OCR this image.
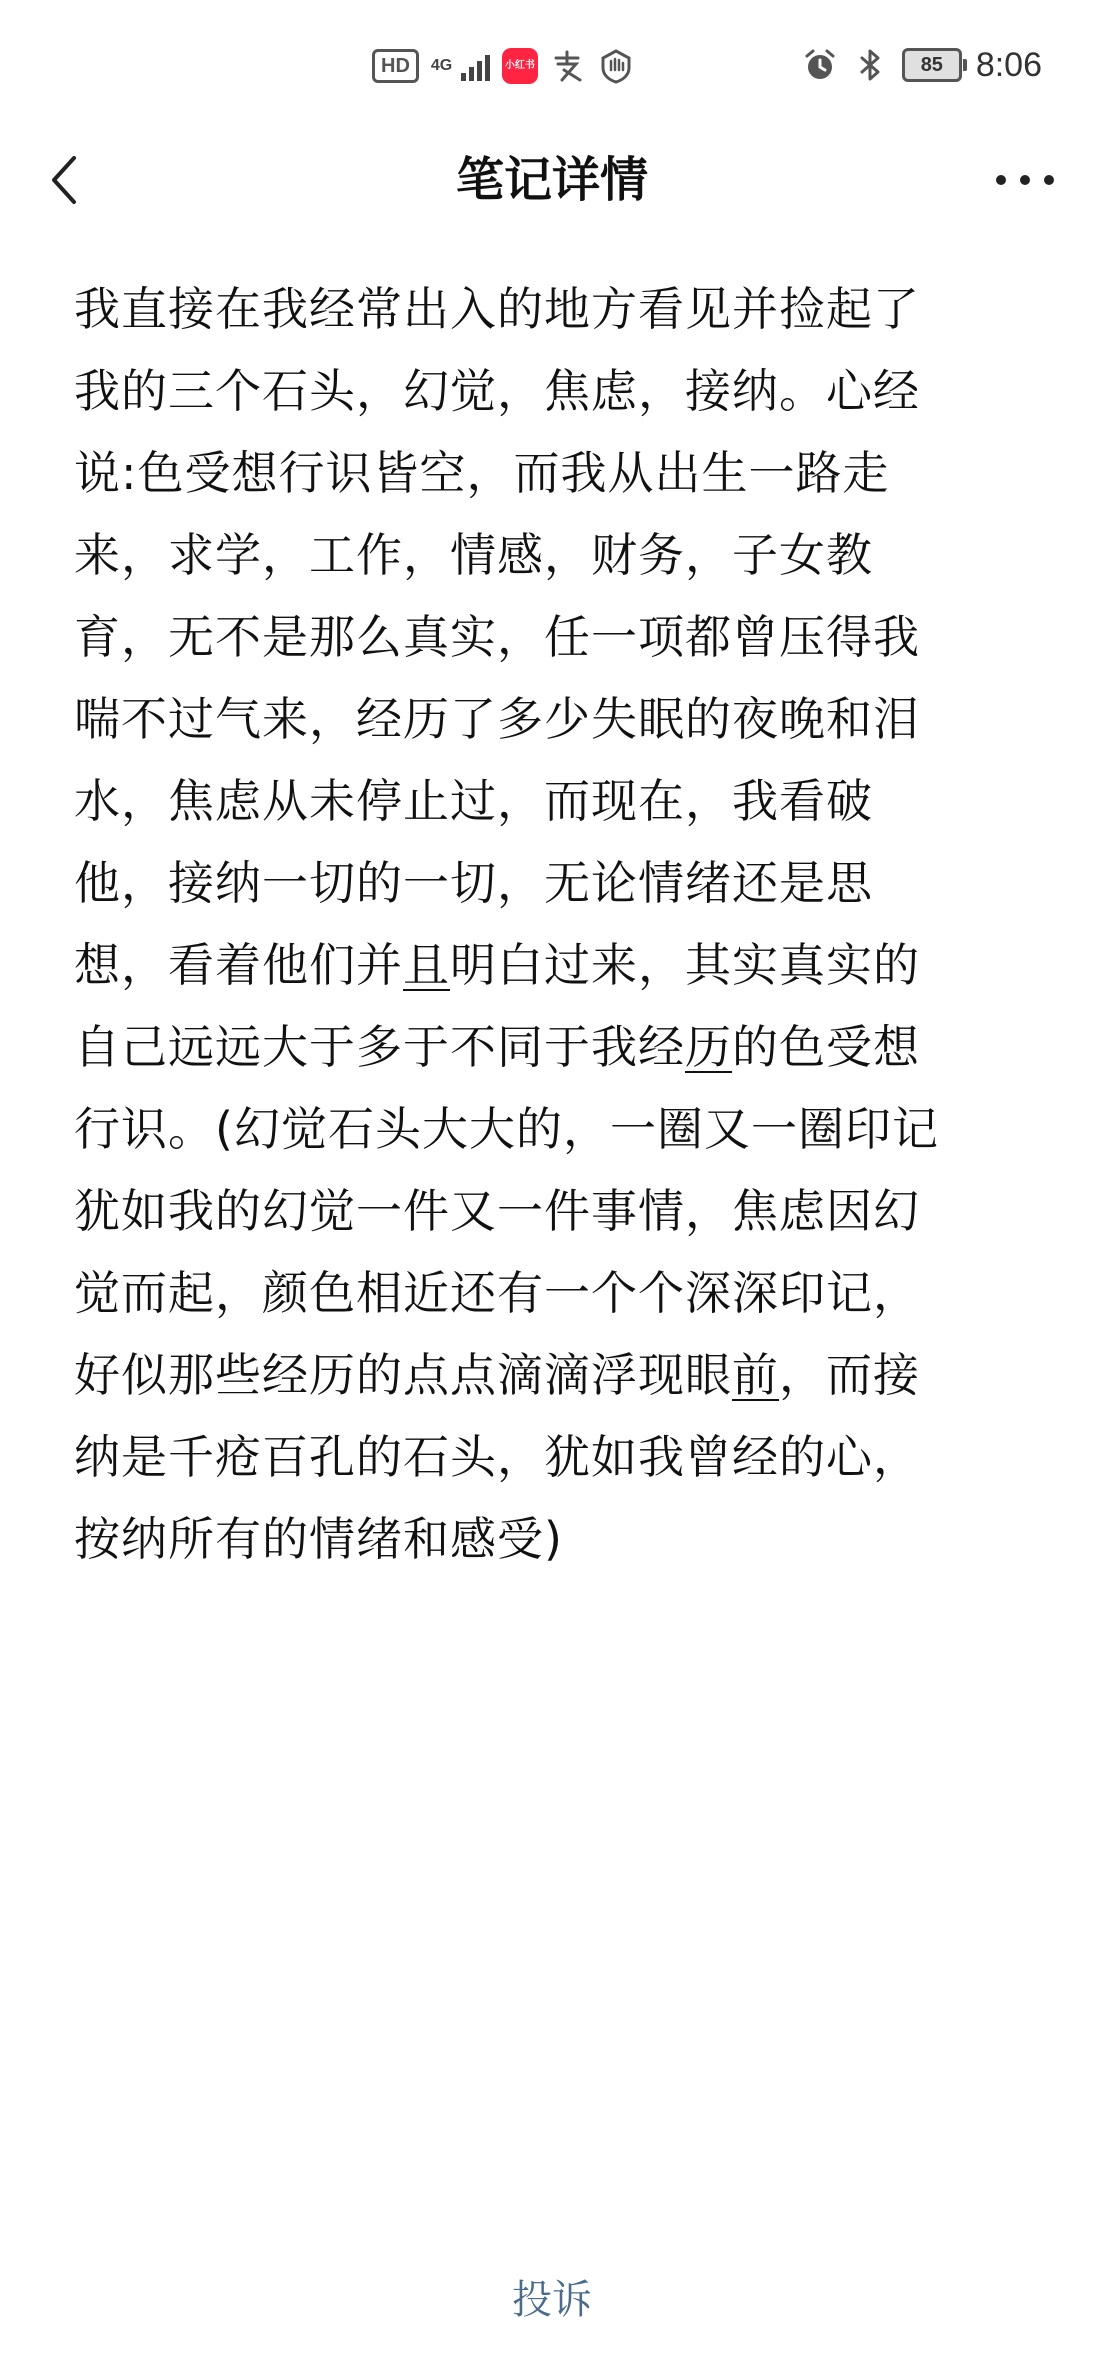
HD	4G	小红书	85 8:06
笔记详情
我直接在我经常出入的地方看见并捡起了
我的三个石头，幻觉，焦虑，接纳。心经
说:色受想行识皆空，而我从出生一路走
来，求学，工作，情感，财务，子女教
育，无不是那么真实，任一项都曾压得我
喘不过气来，经历了多少失眠的夜晚和泪
水，焦虑从未停止过，而现在，我看破
他，接纳一切的一切，无论情绪还是思
想，看着他们并且明白过来，其实真实的
自己远远大于多于不同于我经历的色受想
行识。(幻觉石头大大的，一圈又一圈印记
犹如我的幻觉一件又一件事情，焦虑因幻
觉而起，颜色相近还有一个个深深印记，
好似那些经历的点点滴滴浮现眼前，而接
纳是千疮百孔的石头，犹如我曾经的心，
按纳所有的情绪和感受)
投诉
